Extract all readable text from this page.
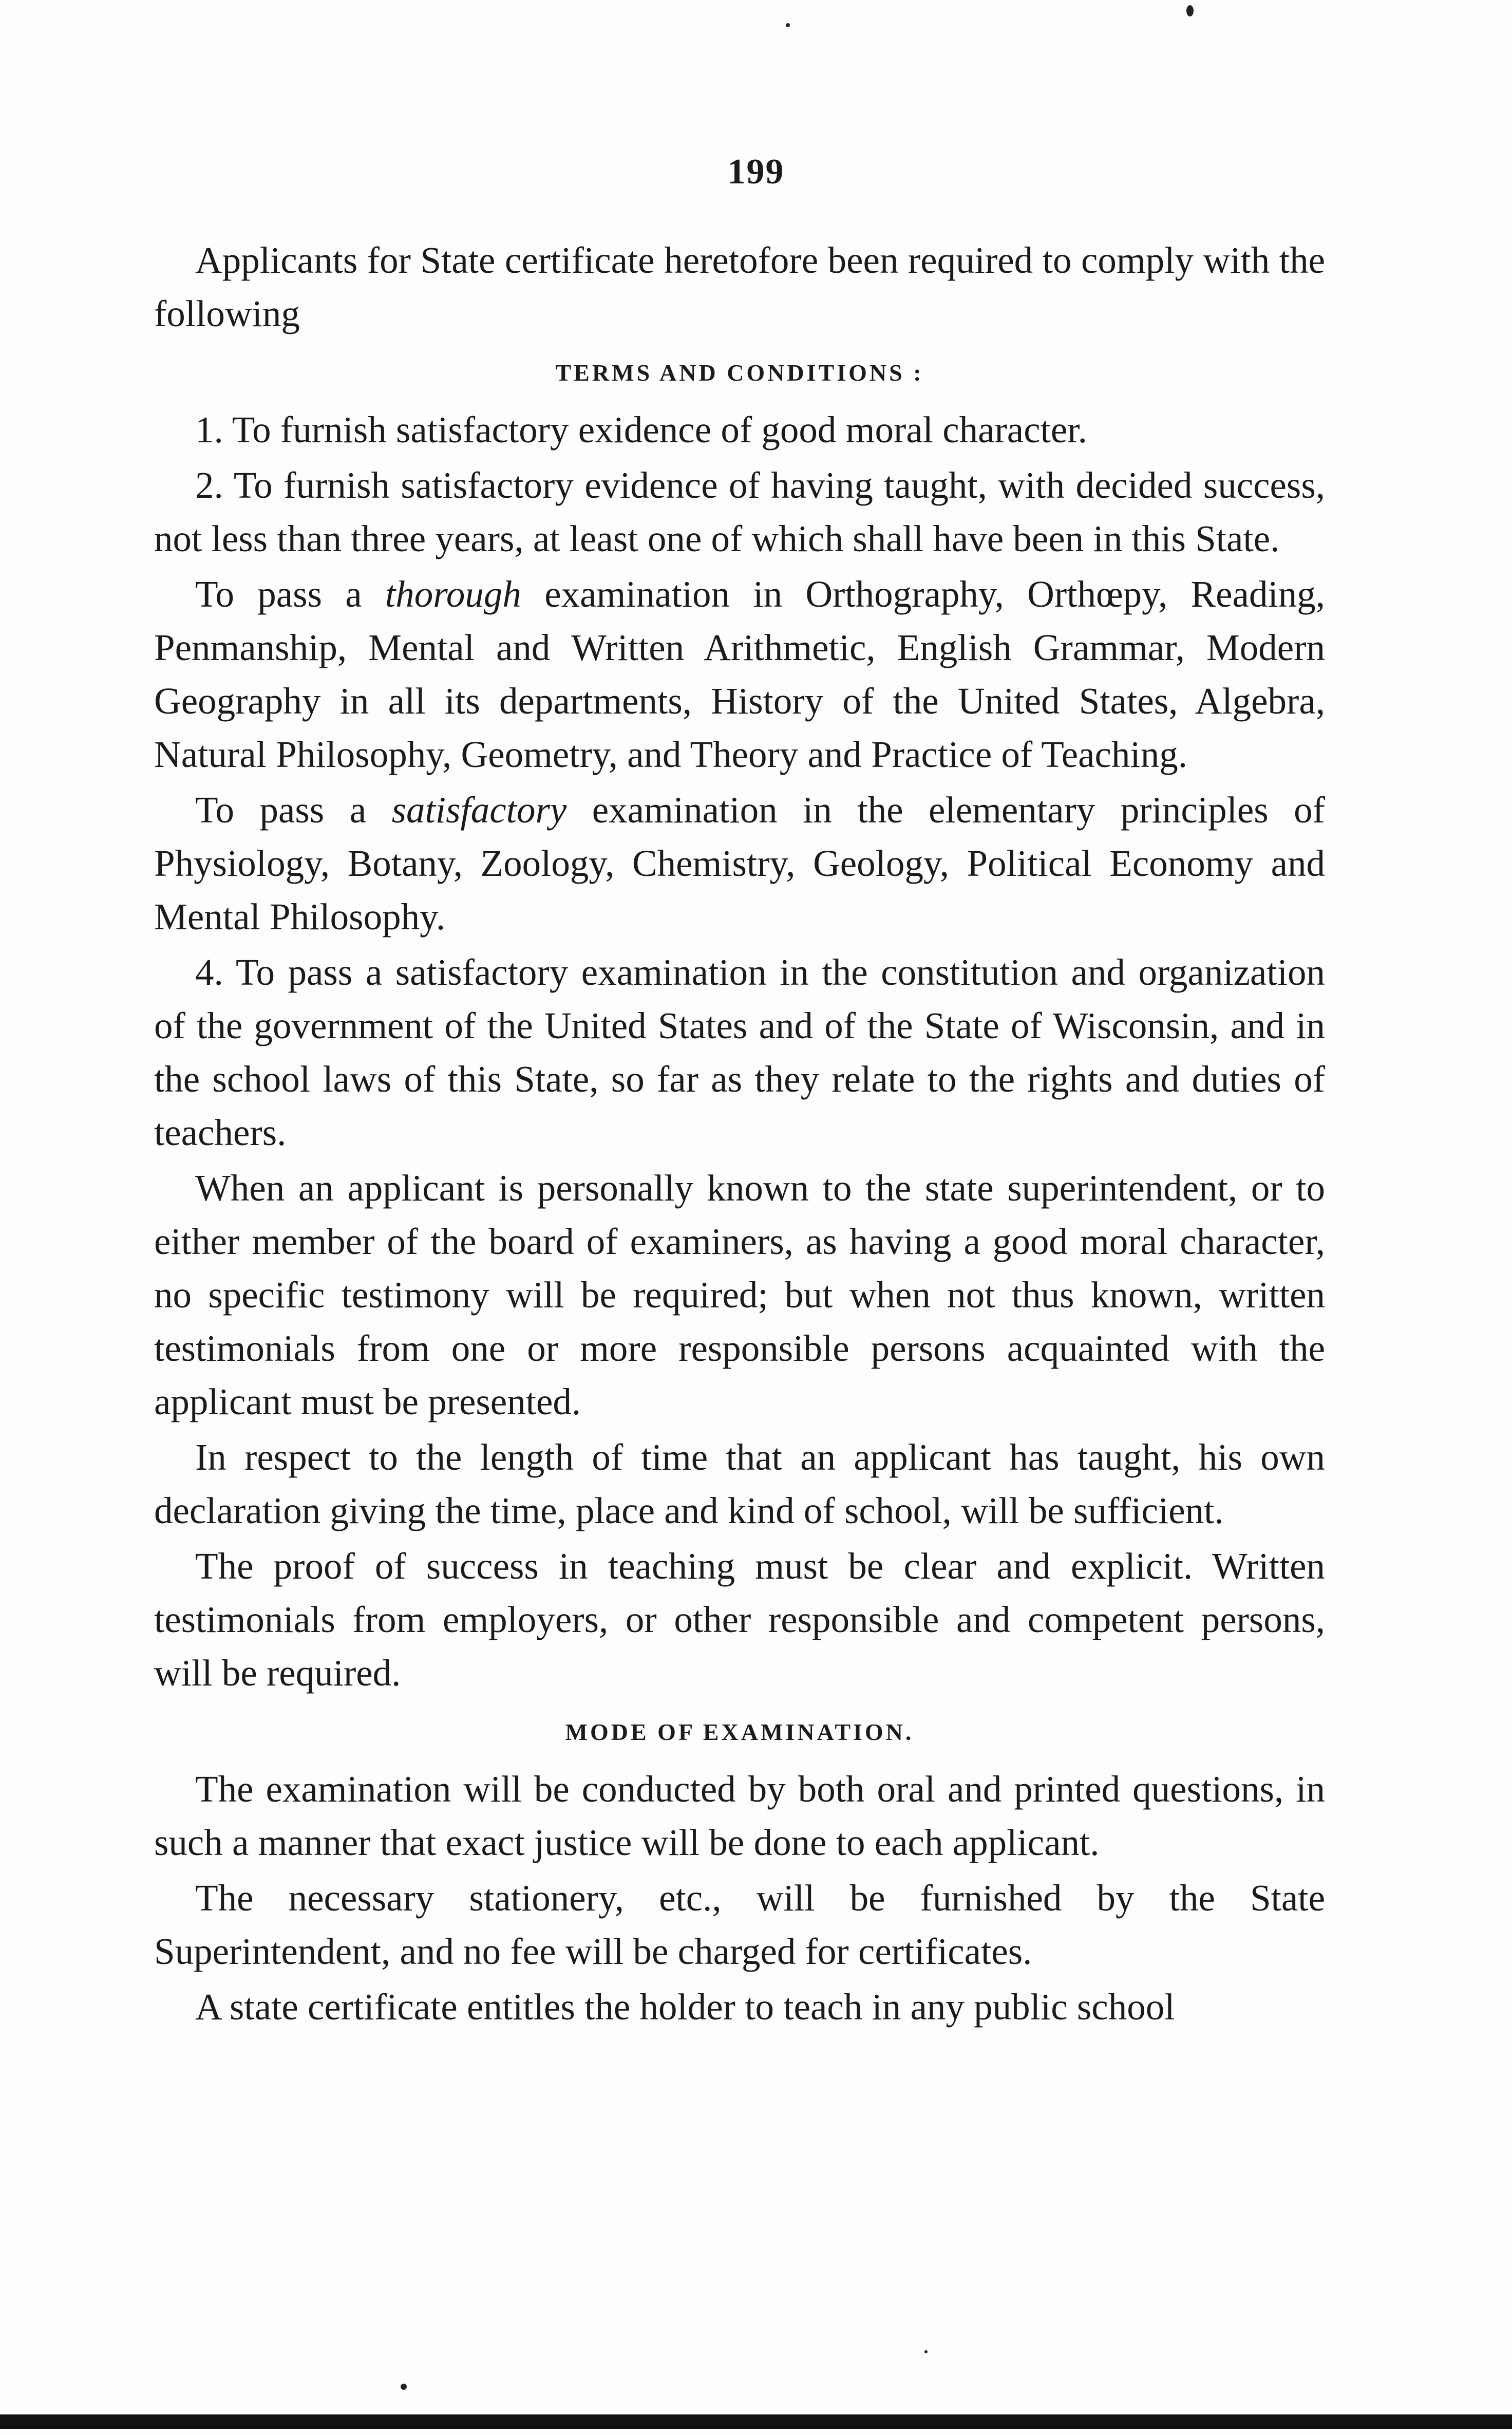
199

Applicants for State certificate heretofore been required to comply with the following

TERMS AND CONDITIONS :

1. To furnish satisfactory exidence of good moral character.

2. To furnish satisfactory evidence of having taught, with decided success, not less than three years, at least one of which shall have been in this State.

To pass a thorough examination in Orthography, Orthœpy, Reading, Penmanship, Mental and Written Arithmetic, English Grammar, Modern Geography in all its departments, History of the United States, Algebra, Natural Philosophy, Geometry, and Theory and Practice of Teaching.

To pass a satisfactory examination in the elementary principles of Physiology, Botany, Zoology, Chemistry, Geology, Political Economy and Mental Philosophy.

4. To pass a satisfactory examination in the constitution and organization of the government of the United States and of the State of Wisconsin, and in the school laws of this State, so far as they relate to the rights and duties of teachers.

When an applicant is personally known to the state superintendent, or to either member of the board of examiners, as having a good moral character, no specific testimony will be required; but when not thus known, written testimonials from one or more responsible persons acquainted with the applicant must be presented.

In respect to the length of time that an applicant has taught, his own declaration giving the time, place and kind of school, will be sufficient.

The proof of success in teaching must be clear and explicit. Written testimonials from employers, or other responsible and competent persons, will be required.

MODE OF EXAMINATION.

The examination will be conducted by both oral and printed questions, in such a manner that exact justice will be done to each applicant.

The necessary stationery, etc., will be furnished by the State Superintendent, and no fee will be charged for certificates.

A state certificate entitles the holder to teach in any public school
